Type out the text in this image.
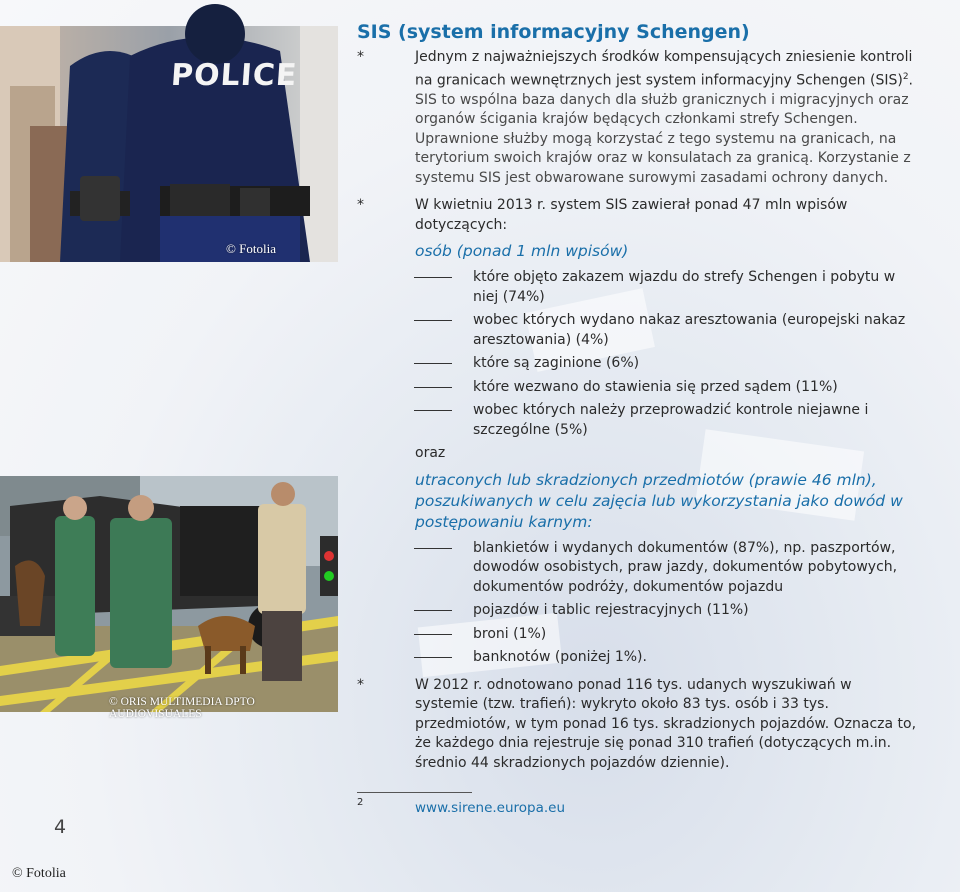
POLICE
© Fotolia
© ORIS MULTIMEDIA DPTO AUDIOVISUALES
SIS (system informacyjny Schengen)
*	Jednym z najważniejszych środków kompensujących zniesienie kontroli na granicach wewnętrznych jest system informacyjny Schengen (SIS)$^2$. SIS to wspólna baza danych dla służb granicznych i migracyjnych oraz organów ścigania krajów będących członkami strefy Schengen. Uprawnione służby mogą korzystać z tego systemu na granicach, na terytorium swoich krajów oraz w konsulatach za granicą. Korzystanie z systemu SIS jest obwarowane surowymi zasadami ochrony danych.
*	W kwietniu 2013 r. system SIS zawierał ponad 47 mln wpisów dotyczących:
osób (ponad 1 mln wpisów)
które objęto zakazem wjazdu do strefy Schengen i pobytu w niej (74%)
wobec których wydano nakaz aresztowania (europejski nakaz aresztowania) (4%)
które są zaginione (6%)
które wezwano do stawienia się przed sądem (11%)
wobec których należy przeprowadzić kontrole niejawne i szczególne (5%)
oraz
utraconych lub skradzionych przedmiotów (prawie 46 mln), poszukiwanych w celu zajęcia lub wykorzystania jako dowód w postępowaniu karnym:
blankietów i wydanych dokumentów (87%), np. paszportów, dowodów osobistych, praw jazdy, dokumentów pobytowych, dokumentów podróży, dokumentów pojazdu
pojazdów i tablic rejestracyjnych (11%)
broni (1%)
banknotów (poniżej 1%).
*	W 2012 r. odnotowano ponad 116 tys. udanych wyszukiwań w systemie (tzw. trafień): wykryto około 83 tys. osób i 33 tys. przedmiotów, w tym ponad 16 tys. skradzionych pojazdów. Oznacza to, że każdego dnia rejestruje się ponad 310 trafień (dotyczących m.in. średnio 44 skradzionych pojazdów dziennie).
2	www.sirene.europa.eu
4
© Fotolia
